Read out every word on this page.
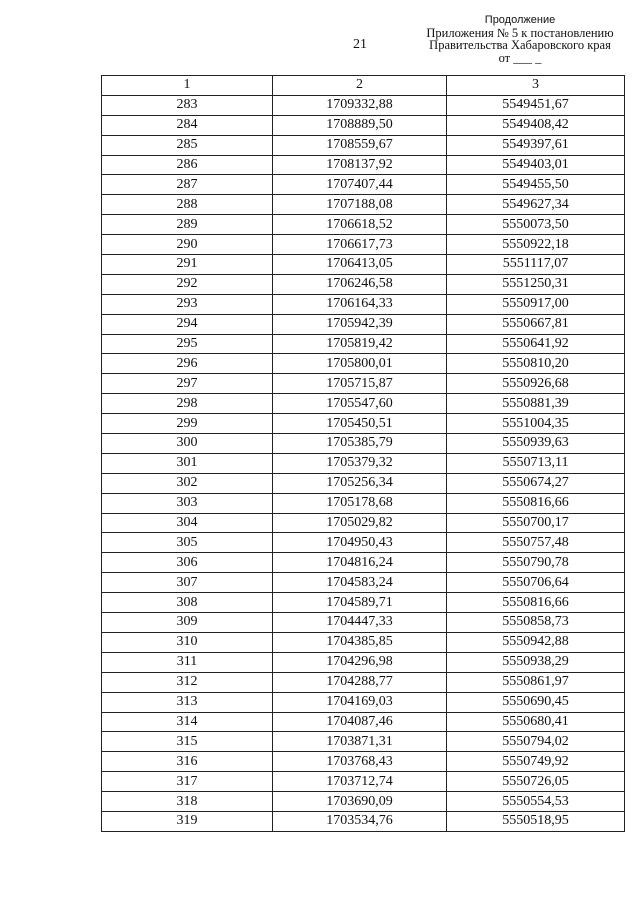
21
Продолжение
Приложения № 5 к постановлению
Правительства Хабаровского края
от ___ _
1	2	3
283	1709332,88	5549451,67
284	1708889,50	5549408,42
285	1708559,67	5549397,61
286	1708137,92	5549403,01
287	1707407,44	5549455,50
288	1707188,08	5549627,34
289	1706618,52	5550073,50
290	1706617,73	5550922,18
291	1706413,05	5551117,07
292	1706246,58	5551250,31
293	1706164,33	5550917,00
294	1705942,39	5550667,81
295	1705819,42	5550641,92
296	1705800,01	5550810,20
297	1705715,87	5550926,68
298	1705547,60	5550881,39
299	1705450,51	5551004,35
300	1705385,79	5550939,63
301	1705379,32	5550713,11
302	1705256,34	5550674,27
303	1705178,68	5550816,66
304	1705029,82	5550700,17
305	1704950,43	5550757,48
306	1704816,24	5550790,78
307	1704583,24	5550706,64
308	1704589,71	5550816,66
309	1704447,33	5550858,73
310	1704385,85	5550942,88
311	1704296,98	5550938,29
312	1704288,77	5550861,97
313	1704169,03	5550690,45
314	1704087,46	5550680,41
315	1703871,31	5550794,02
316	1703768,43	5550749,92
317	1703712,74	5550726,05
318	1703690,09	5550554,53
319	1703534,76	5550518,95
